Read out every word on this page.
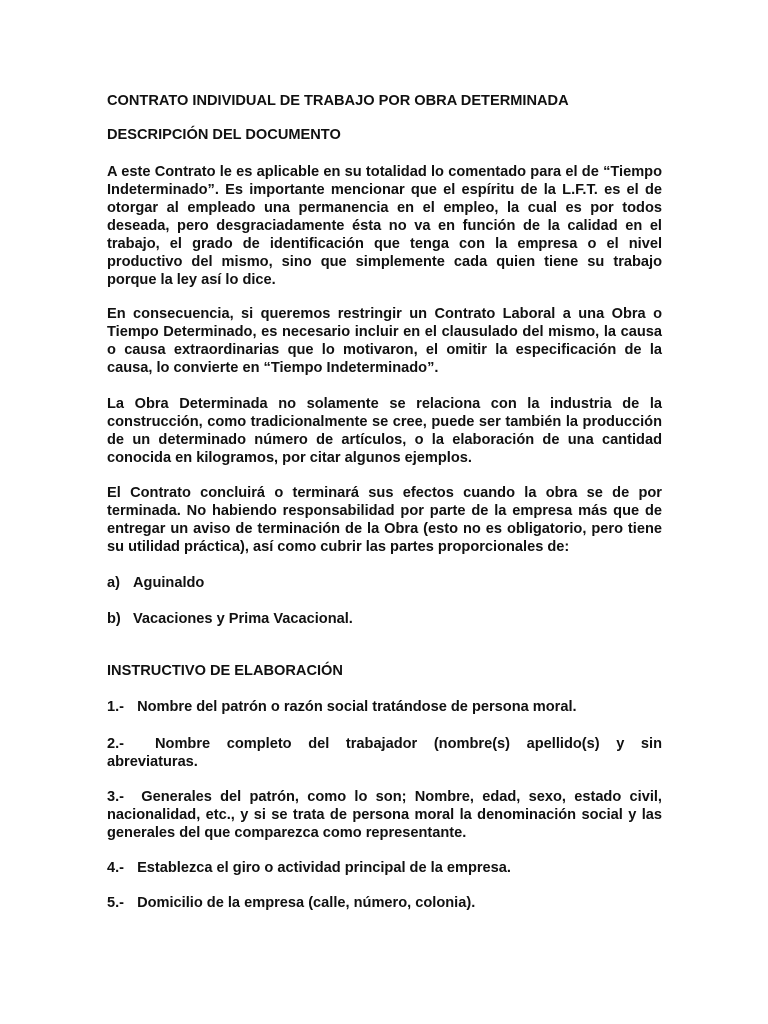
CONTRATO INDIVIDUAL DE TRABAJO POR OBRA DETERMINADA

DESCRIPCIÓN DEL DOCUMENTO

A este Contrato le es aplicable en su totalidad lo comentado para el de “Tiempo Indeterminado”. Es importante mencionar que el espíritu de la L.F.T. es el de otorgar al empleado una permanencia en el empleo, la cual es por todos deseada, pero desgraciadamente ésta no va en función de la calidad en el trabajo, el grado de identificación que tenga con la empresa o el nivel productivo del mismo, sino que simplemente cada quien tiene su trabajo porque la ley así lo dice.

En consecuencia, si queremos restringir un Contrato Laboral a una Obra o Tiempo Determinado, es necesario incluir en el clausulado del mismo, la causa o causa extraordinarias que lo motivaron, el omitir la especificación de la causa, lo convierte en “Tiempo Indeterminado”.

La Obra Determinada no solamente se relaciona con la industria de la construcción, como tradicionalmente se cree, puede ser también la producción de un determinado número de artículos, o la elaboración de una cantidad conocida en kilogramos, por citar algunos ejemplos.

El Contrato concluirá o terminará sus efectos cuando la obra se de por terminada. No habiendo responsabilidad por parte de la empresa más que de entregar un aviso de terminación de la Obra (esto no es obligatorio, pero tiene su utilidad práctica), así como cubrir las partes proporcionales de:

a) Aguinaldo

b) Vacaciones y Prima Vacacional.

INSTRUCTIVO DE ELABORACIÓN

1.- Nombre del patrón o razón social tratándose de persona moral.

2.- Nombre completo del trabajador (nombre(s) apellido(s) y sin abreviaturas.

3.- Generales del patrón, como lo son; Nombre, edad, sexo, estado civil, nacionalidad, etc., y si se trata de persona moral la denominación social y las generales del que comparezca como representante.

4.- Establezca el giro o actividad principal de la empresa.

5.- Domicilio de la empresa (calle, número, colonia).
